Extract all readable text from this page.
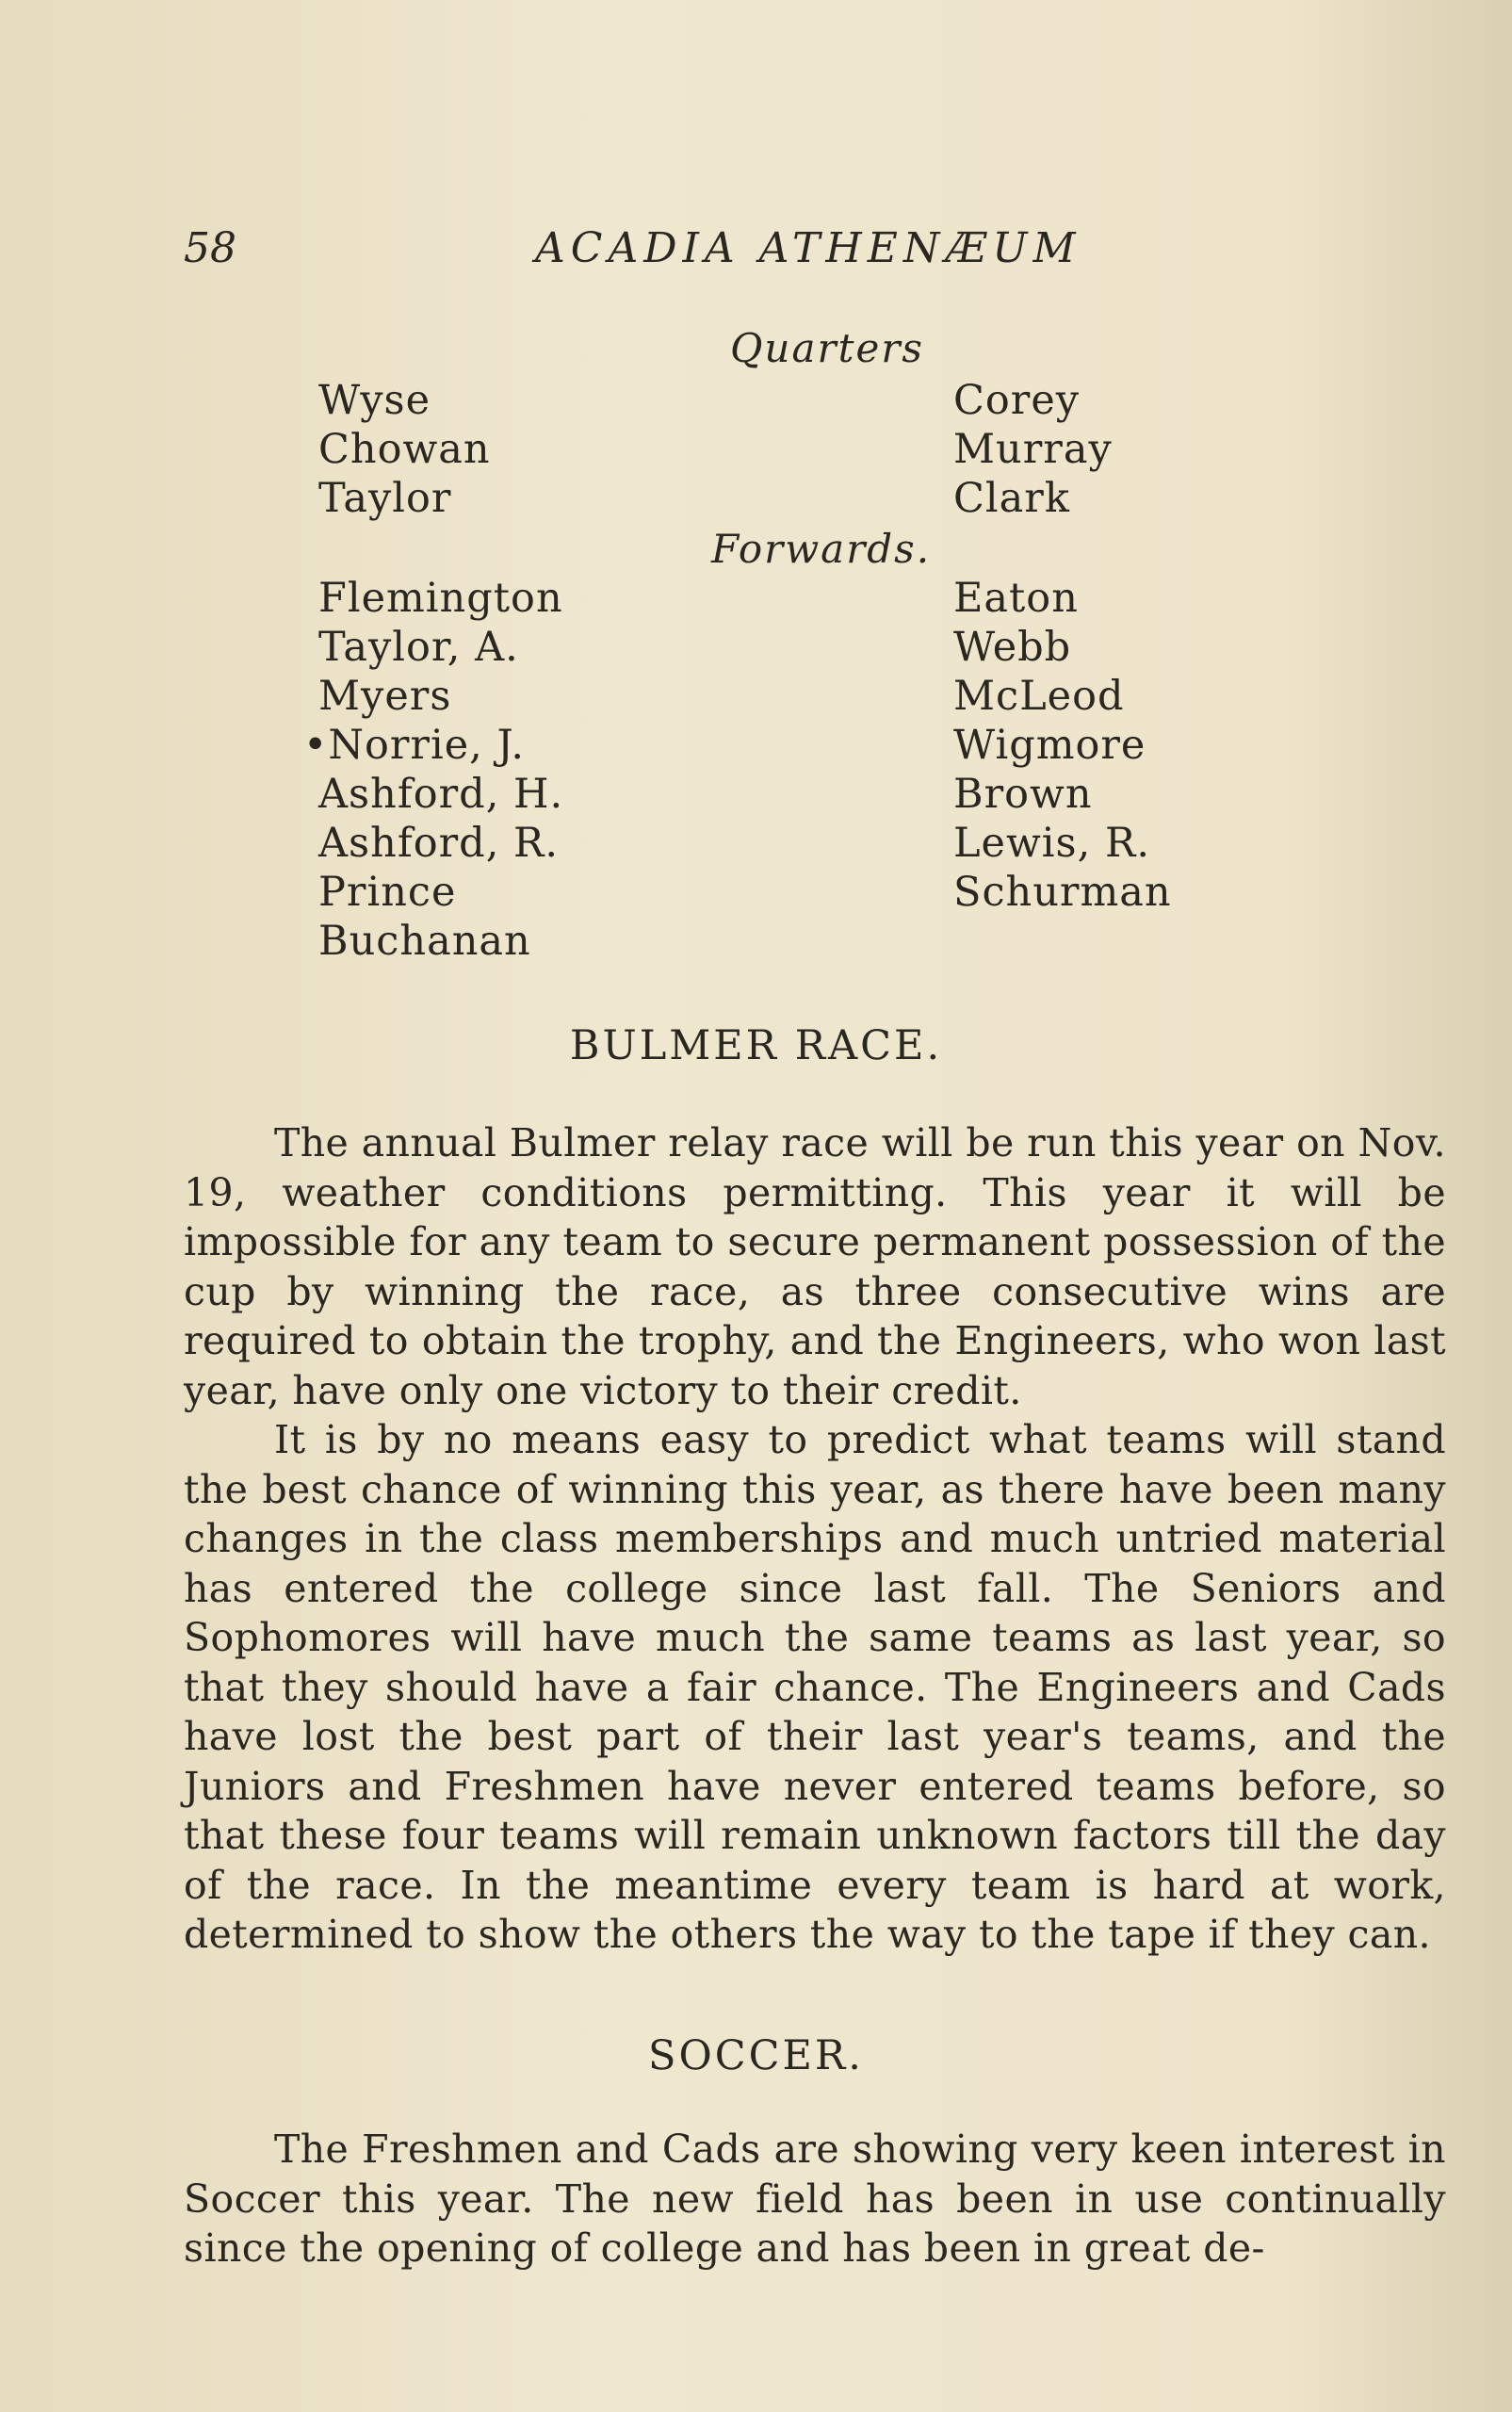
58	ACADIA ATHENÆUM
Quarters
Wyse
Chowan
Taylor
Corey
Murray
Clark
Forwards.
Flemington
Taylor, A.
Myers
•Norrie, J.
Ashford, H.
Ashford, R.
Prince
Buchanan
Eaton
Webb
McLeod
Wigmore
Brown
Lewis, R.
Schurman
BULMER RACE.

The annual Bulmer relay race will be run this year on Nov. 19, weather conditions permitting. This year it will be impossible for any team to secure permanent possession of the cup by winning the race, as three consecutive wins are required to obtain the trophy, and the Engineers, who won last year, have only one victory to their credit.

It is by no means easy to predict what teams will stand the best chance of winning this year, as there have been many changes in the class memberships and much untried material has entered the college since last fall. The Seniors and Sophomores will have much the same teams as last year, so that they should have a fair chance. The Engineers and Cads have lost the best part of their last year's teams, and the Juniors and Freshmen have never entered teams before, so that these four teams will remain unknown factors till the day of the race. In the meantime every team is hard at work, determined to show the others the way to the tape if they can.

SOCCER.

The Freshmen and Cads are showing very keen interest in Soccer this year. The new field has been in use continually since the opening of college and has been in great de-
